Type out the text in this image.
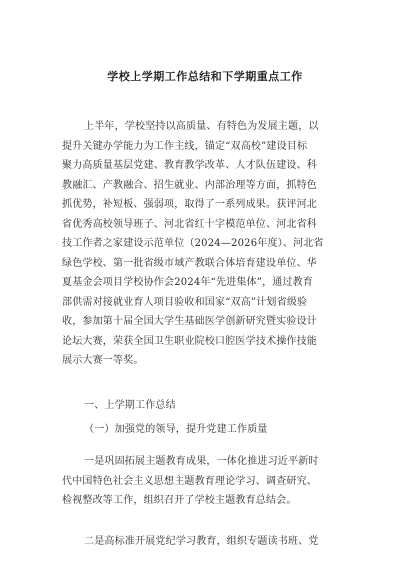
学校上学期工作总结和下学期重点工作
上半年，学校坚持以高质量、有特色为发展主题，以
提升关键办学能力为工作主线，锚定“双高校”建设目标
聚力高质量基层党建、教育教学改革、人才队伍建设、科
教融汇、产教融合、招生就业、内部治理等方面，抓特色
抓优势，补短板、强弱项，取得了一系列成果。获评河北
省优秀高校领导班子、河北省红十字模范单位、河北省科
技工作者之家建设示范单位（2024—2026年度）、河北省
绿色学校、第一批省级市域产教联合体培育建设单位、华
夏基金会项目学校协作会2024年“先进集体”，通过教育
部供需对接就业育人项目验收和国家“双高”计划省级验
收，参加第十届全国大学生基础医学创新研究暨实验设计
论坛大赛，荣获全国卫生职业院校口腔医学技术操作技能
展示大赛一等奖。
一、上学期工作总结
（一）加强党的领导，提升党建工作质量
一是巩固拓展主题教育成果，一体化推进习近平新时
代中国特色社会主义思想主题教育理论学习、调查研究、
检视整改等工作，组织召开了学校主题教育总结会。
二是高标准开展党纪学习教育，组织专题读书班、党
